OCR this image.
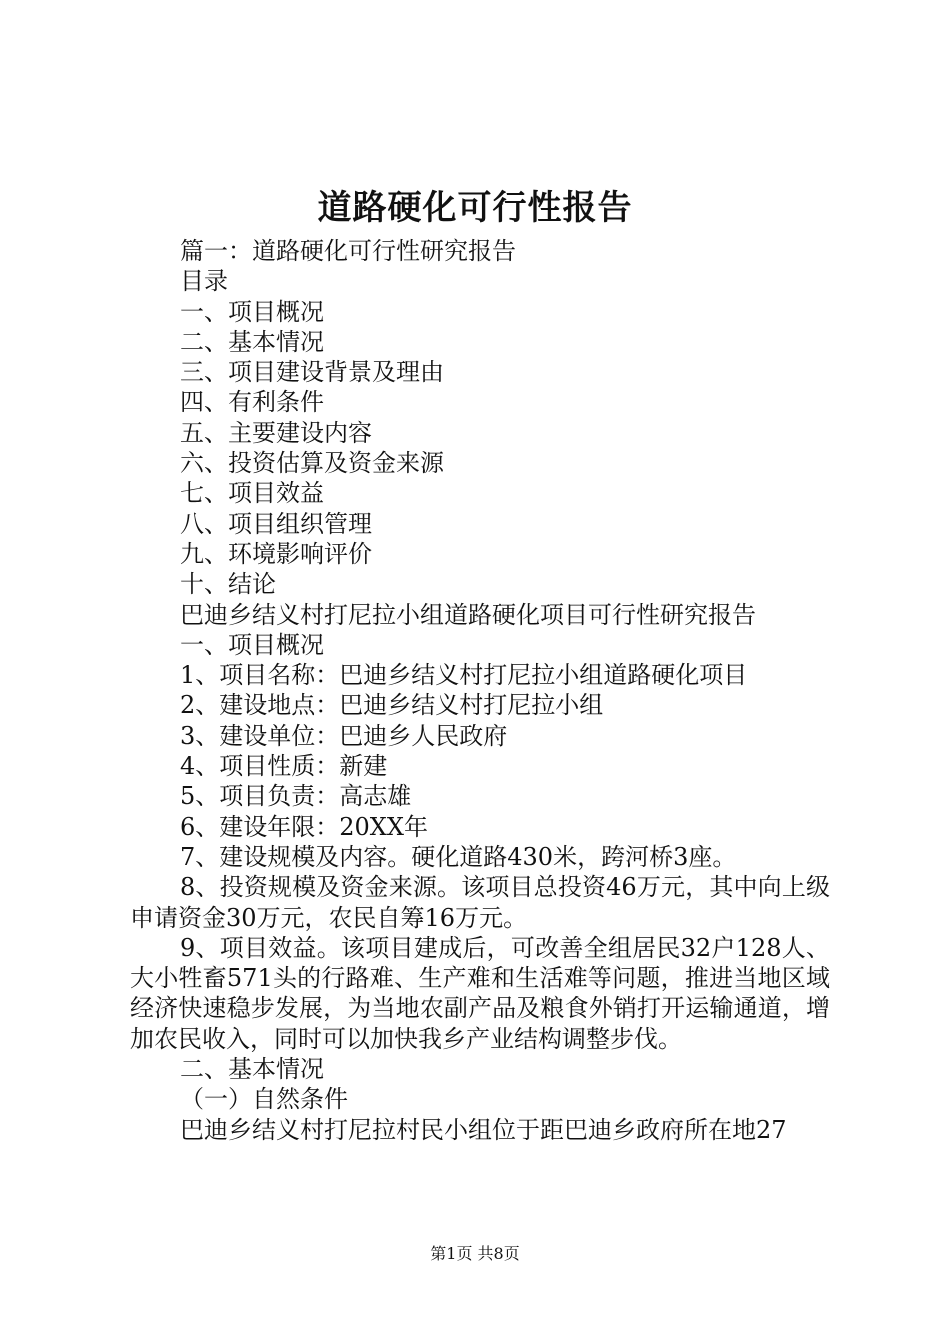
道路硬化可行性报告

篇一：道路硬化可行性研究报告

目录

一、项目概况

二、基本情况

三、项目建设背景及理由

四、有利条件

五、主要建设内容

六、投资估算及资金来源

七、项目效益

八、项目组织管理

九、环境影响评价

十、结论

巴迪乡结义村打尼拉小组道路硬化项目可行性研究报告

一、项目概况

1、项目名称：巴迪乡结义村打尼拉小组道路硬化项目

2、建设地点：巴迪乡结义村打尼拉小组

3、建设单位：巴迪乡人民政府

4、项目性质：新建

5、项目负责：高志雄

6、建设年限：20XX年

7、建设规模及内容。硬化道路430米，跨河桥3座。

8、投资规模及资金来源。该项目总投资46万元，其中向上级申请资金30万元，农民自筹16万元。

9、项目效益。该项目建成后，可改善全组居民32户128人、大小牲畜571头的行路难、生产难和生活难等问题，推进当地区域经济快速稳步发展，为当地农副产品及粮食外销打开运输通道，增加农民收入，同时可以加快我乡产业结构调整步伐。

二、基本情况

（一）自然条件

巴迪乡结义村打尼拉村民小组位于距巴迪乡政府所在地27

第1页 共8页
